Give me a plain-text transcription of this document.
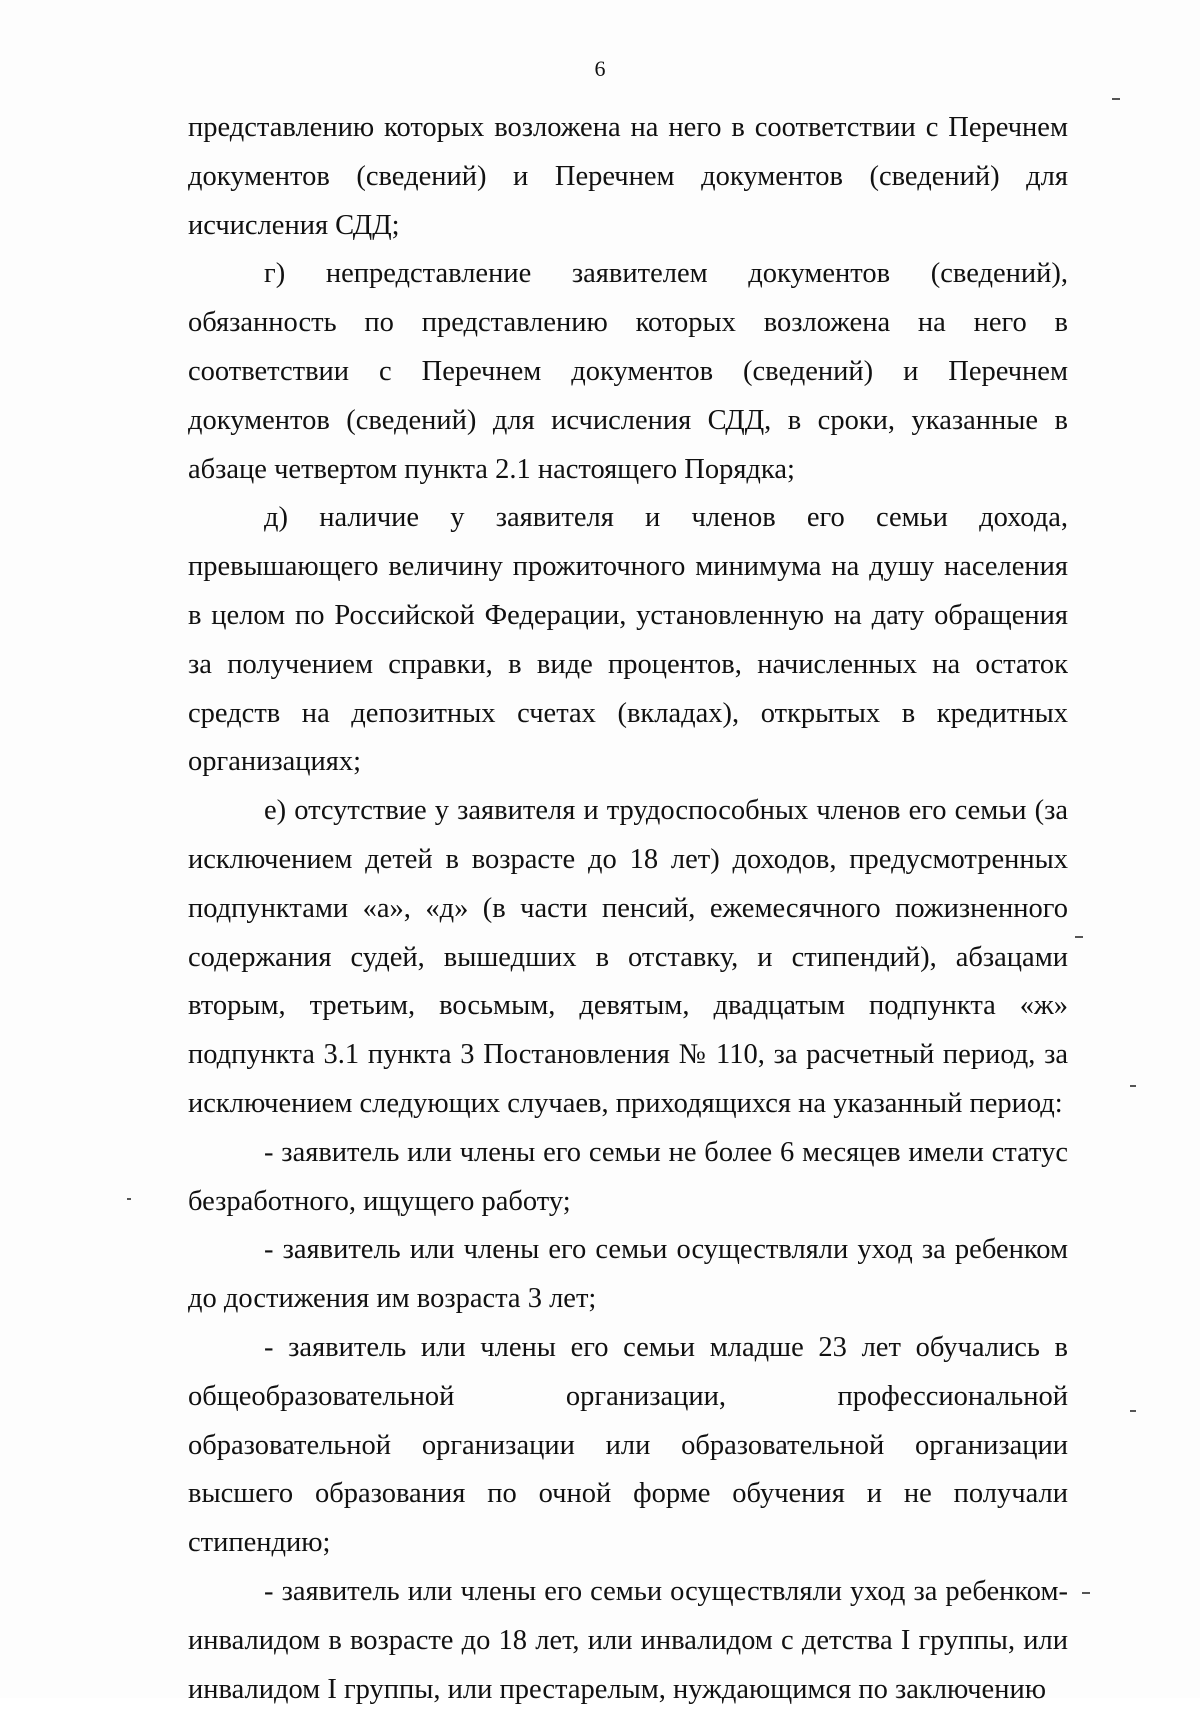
6

представлению которых возложена на него в соответствии с Перечнем документов (сведений) и Перечнем документов (сведений) для исчисления СДД;

г) непредставление заявителем документов (сведений), обязанность по представлению которых возложена на него в соответствии с Перечнем документов (сведений) и Перечнем документов (сведений) для исчисления СДД, в сроки, указанные в абзаце четвертом пункта 2.1 настоящего Порядка;

д) наличие у заявителя и членов его семьи дохода, превышающего величину прожиточного минимума на душу населения в целом по Российской Федерации, установленную на дату обращения за получением справки, в виде процентов, начисленных на остаток средств на депозитных счетах (вкладах), открытых в кредитных организациях;

е) отсутствие у заявителя и трудоспособных членов его семьи (за исключением детей в возрасте до 18 лет) доходов, предусмотренных подпунктами «а», «д» (в части пенсий, ежемесячного пожизненного содержания судей, вышедших в отставку, и стипендий), абзацами вторым, третьим, восьмым, девятым, двадцатым подпункта «ж» подпункта 3.1 пункта 3 Постановления № 110, за расчетный период, за исключением следующих случаев, приходящихся на указанный период:

- заявитель или члены его семьи не более 6 месяцев имели статус безработного, ищущего работу;

- заявитель или члены его семьи осуществляли уход за ребенком до достижения им возраста 3 лет;

- заявитель или члены его семьи младше 23 лет обучались в общеобразовательной организации, профессиональной образовательной организации или образовательной организации высшего образования по очной форме обучения и не получали стипендию;

- заявитель или члены его семьи осуществляли уход за ребенком-инвалидом в возрасте до 18 лет, или инвалидом с детства I группы, или инвалидом I группы, или престарелым, нуждающимся по заключению
